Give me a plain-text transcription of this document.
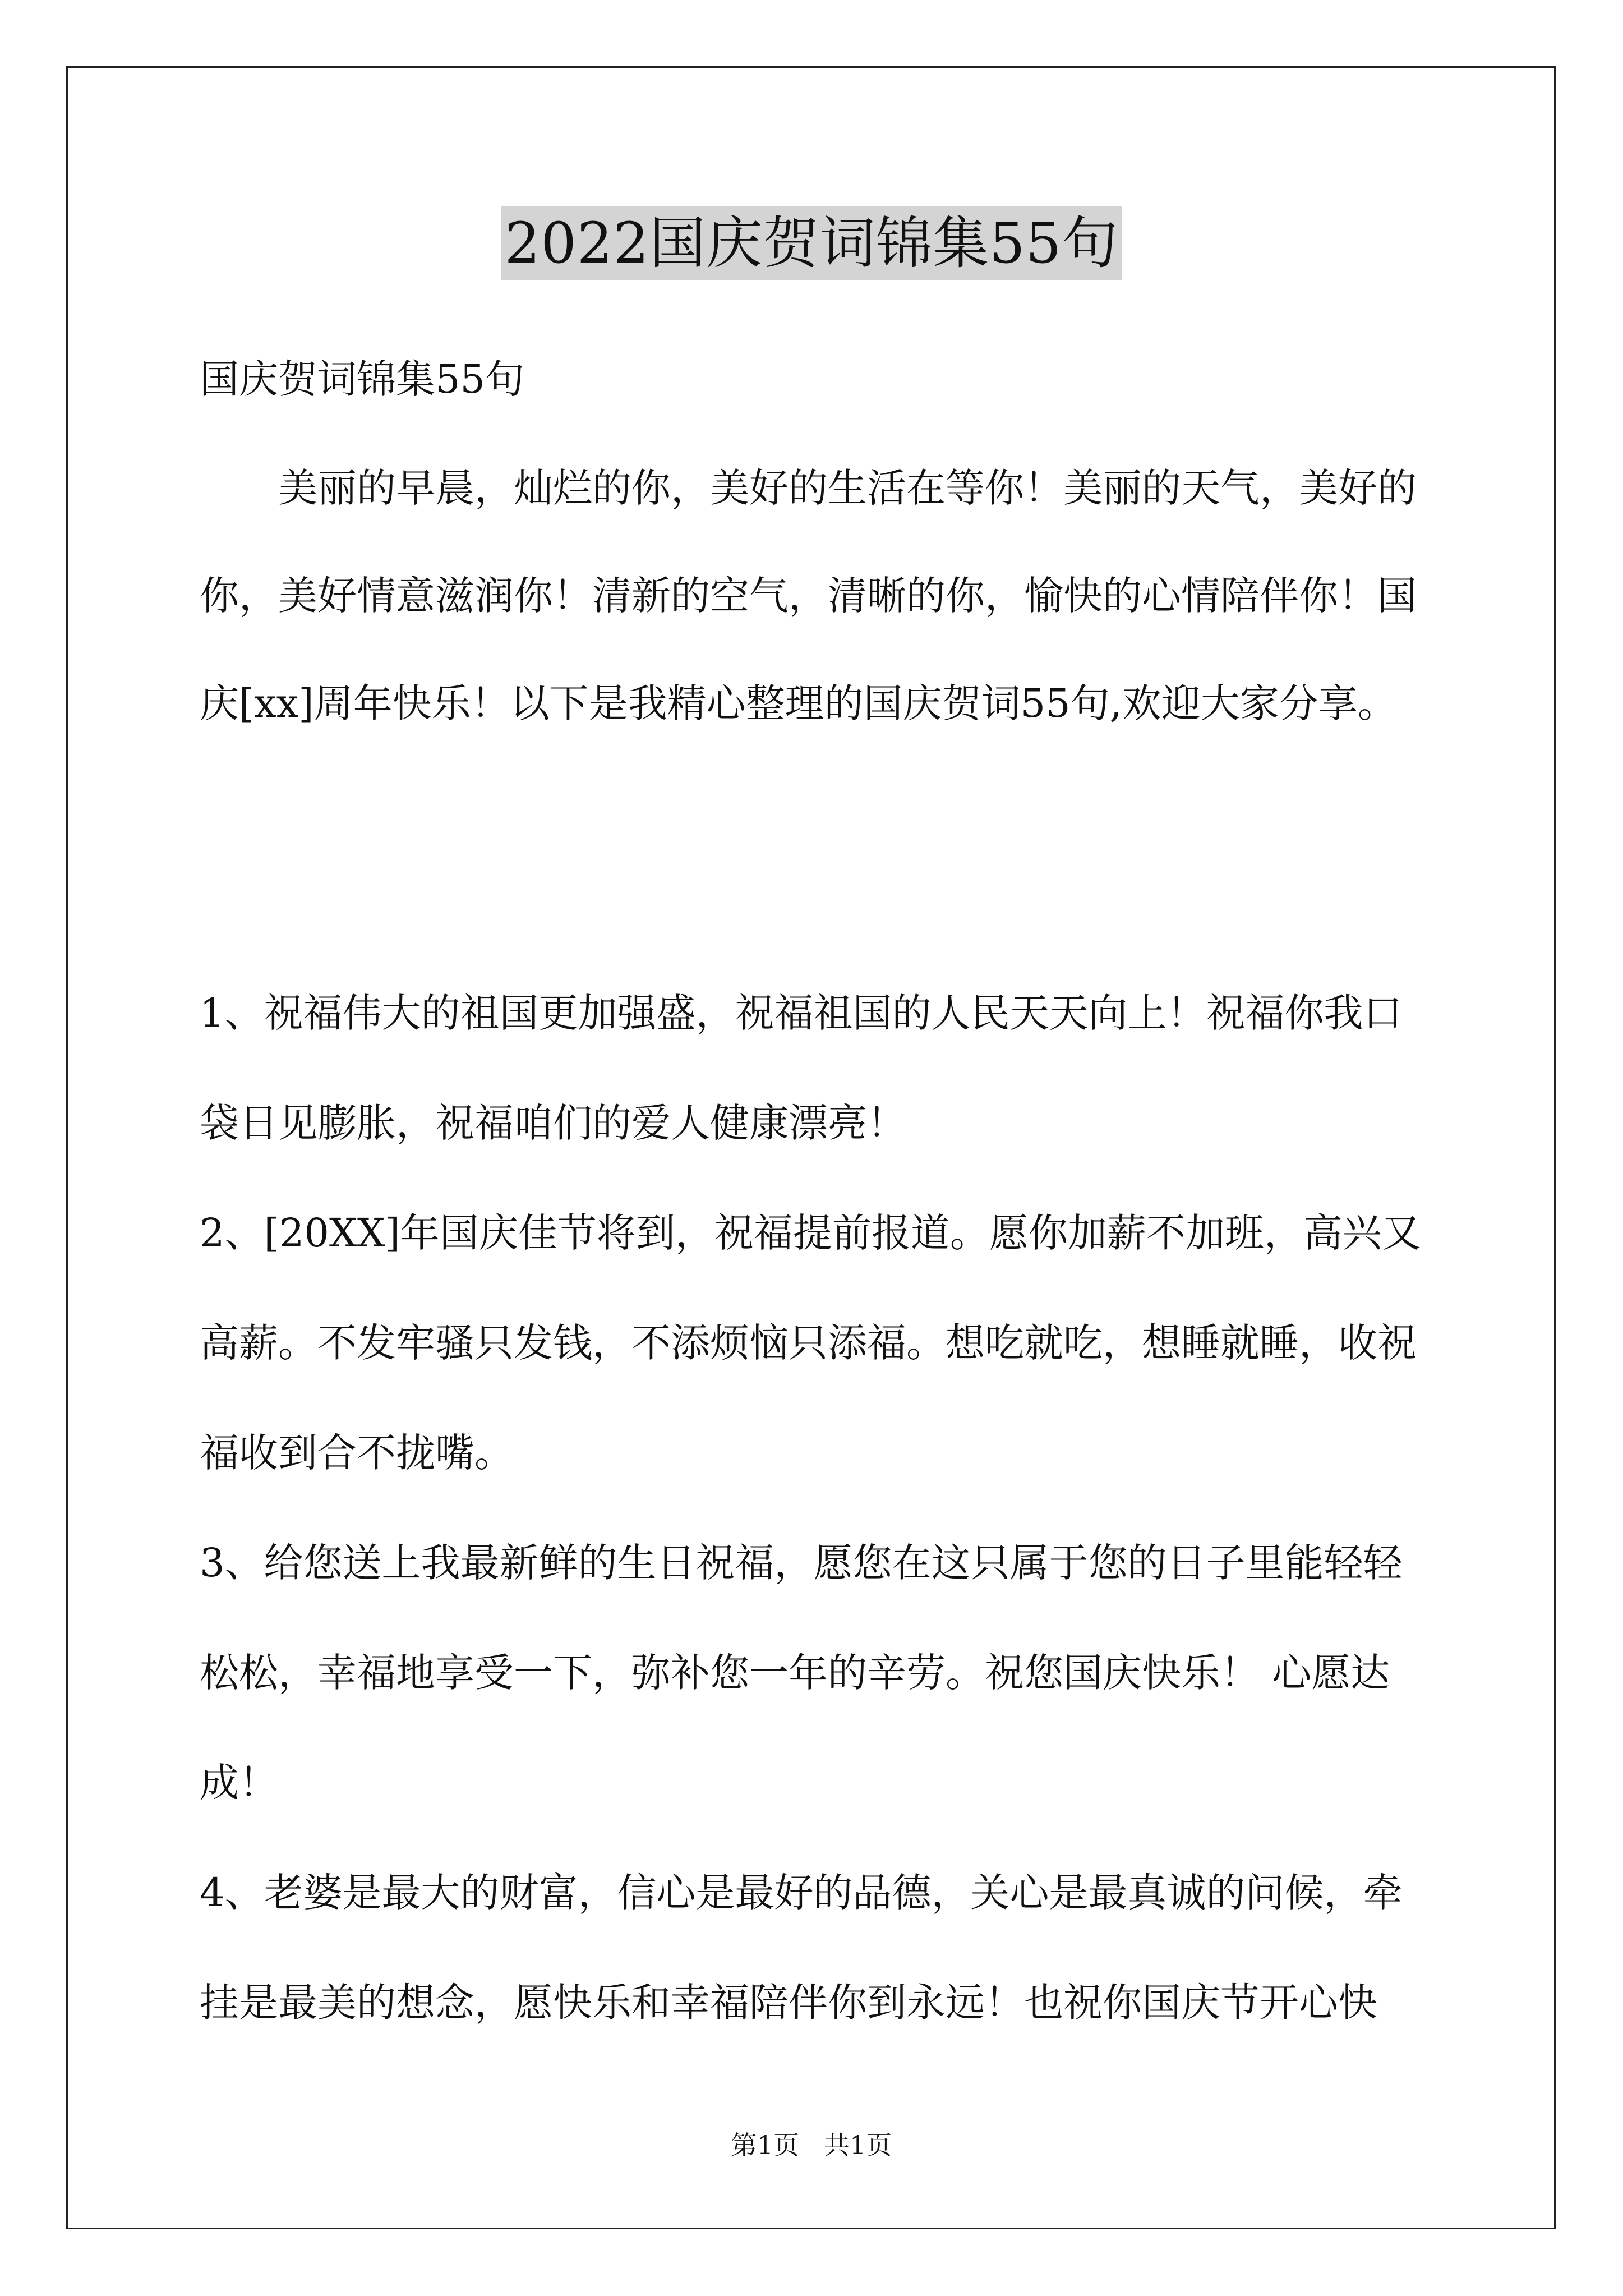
2022国庆贺词锦集55句
国庆贺词锦集55句

美丽的早晨，灿烂的你，美好的生活在等你！美丽的天气，美好的你，美好情意滋润你！清新的空气，清晰的你，愉快的心情陪伴你！国庆[xx]周年快乐！以下是我精心整理的国庆贺词55句,欢迎大家分享。

1、祝福伟大的祖国更加强盛，祝福祖国的人民天天向上！祝福你我口袋日见膨胀，祝福咱们的爱人健康漂亮！

2、[20XX]年国庆佳节将到，祝福提前报道。愿你加薪不加班，高兴又高薪。不发牢骚只发钱，不添烦恼只添福。想吃就吃，想睡就睡，收祝福收到合不拢嘴。

3、给您送上我最新鲜的生日祝福，愿您在这只属于您的日子里能轻轻松松，幸福地享受一下，弥补您一年的辛劳。祝您国庆快乐！ 心愿达成！

4、老婆是最大的财富，信心是最好的品德，关心是最真诚的问候，牵挂是最美的想念，愿快乐和幸福陪伴你到永远！也祝你国庆节开心快

第1页 共1页
